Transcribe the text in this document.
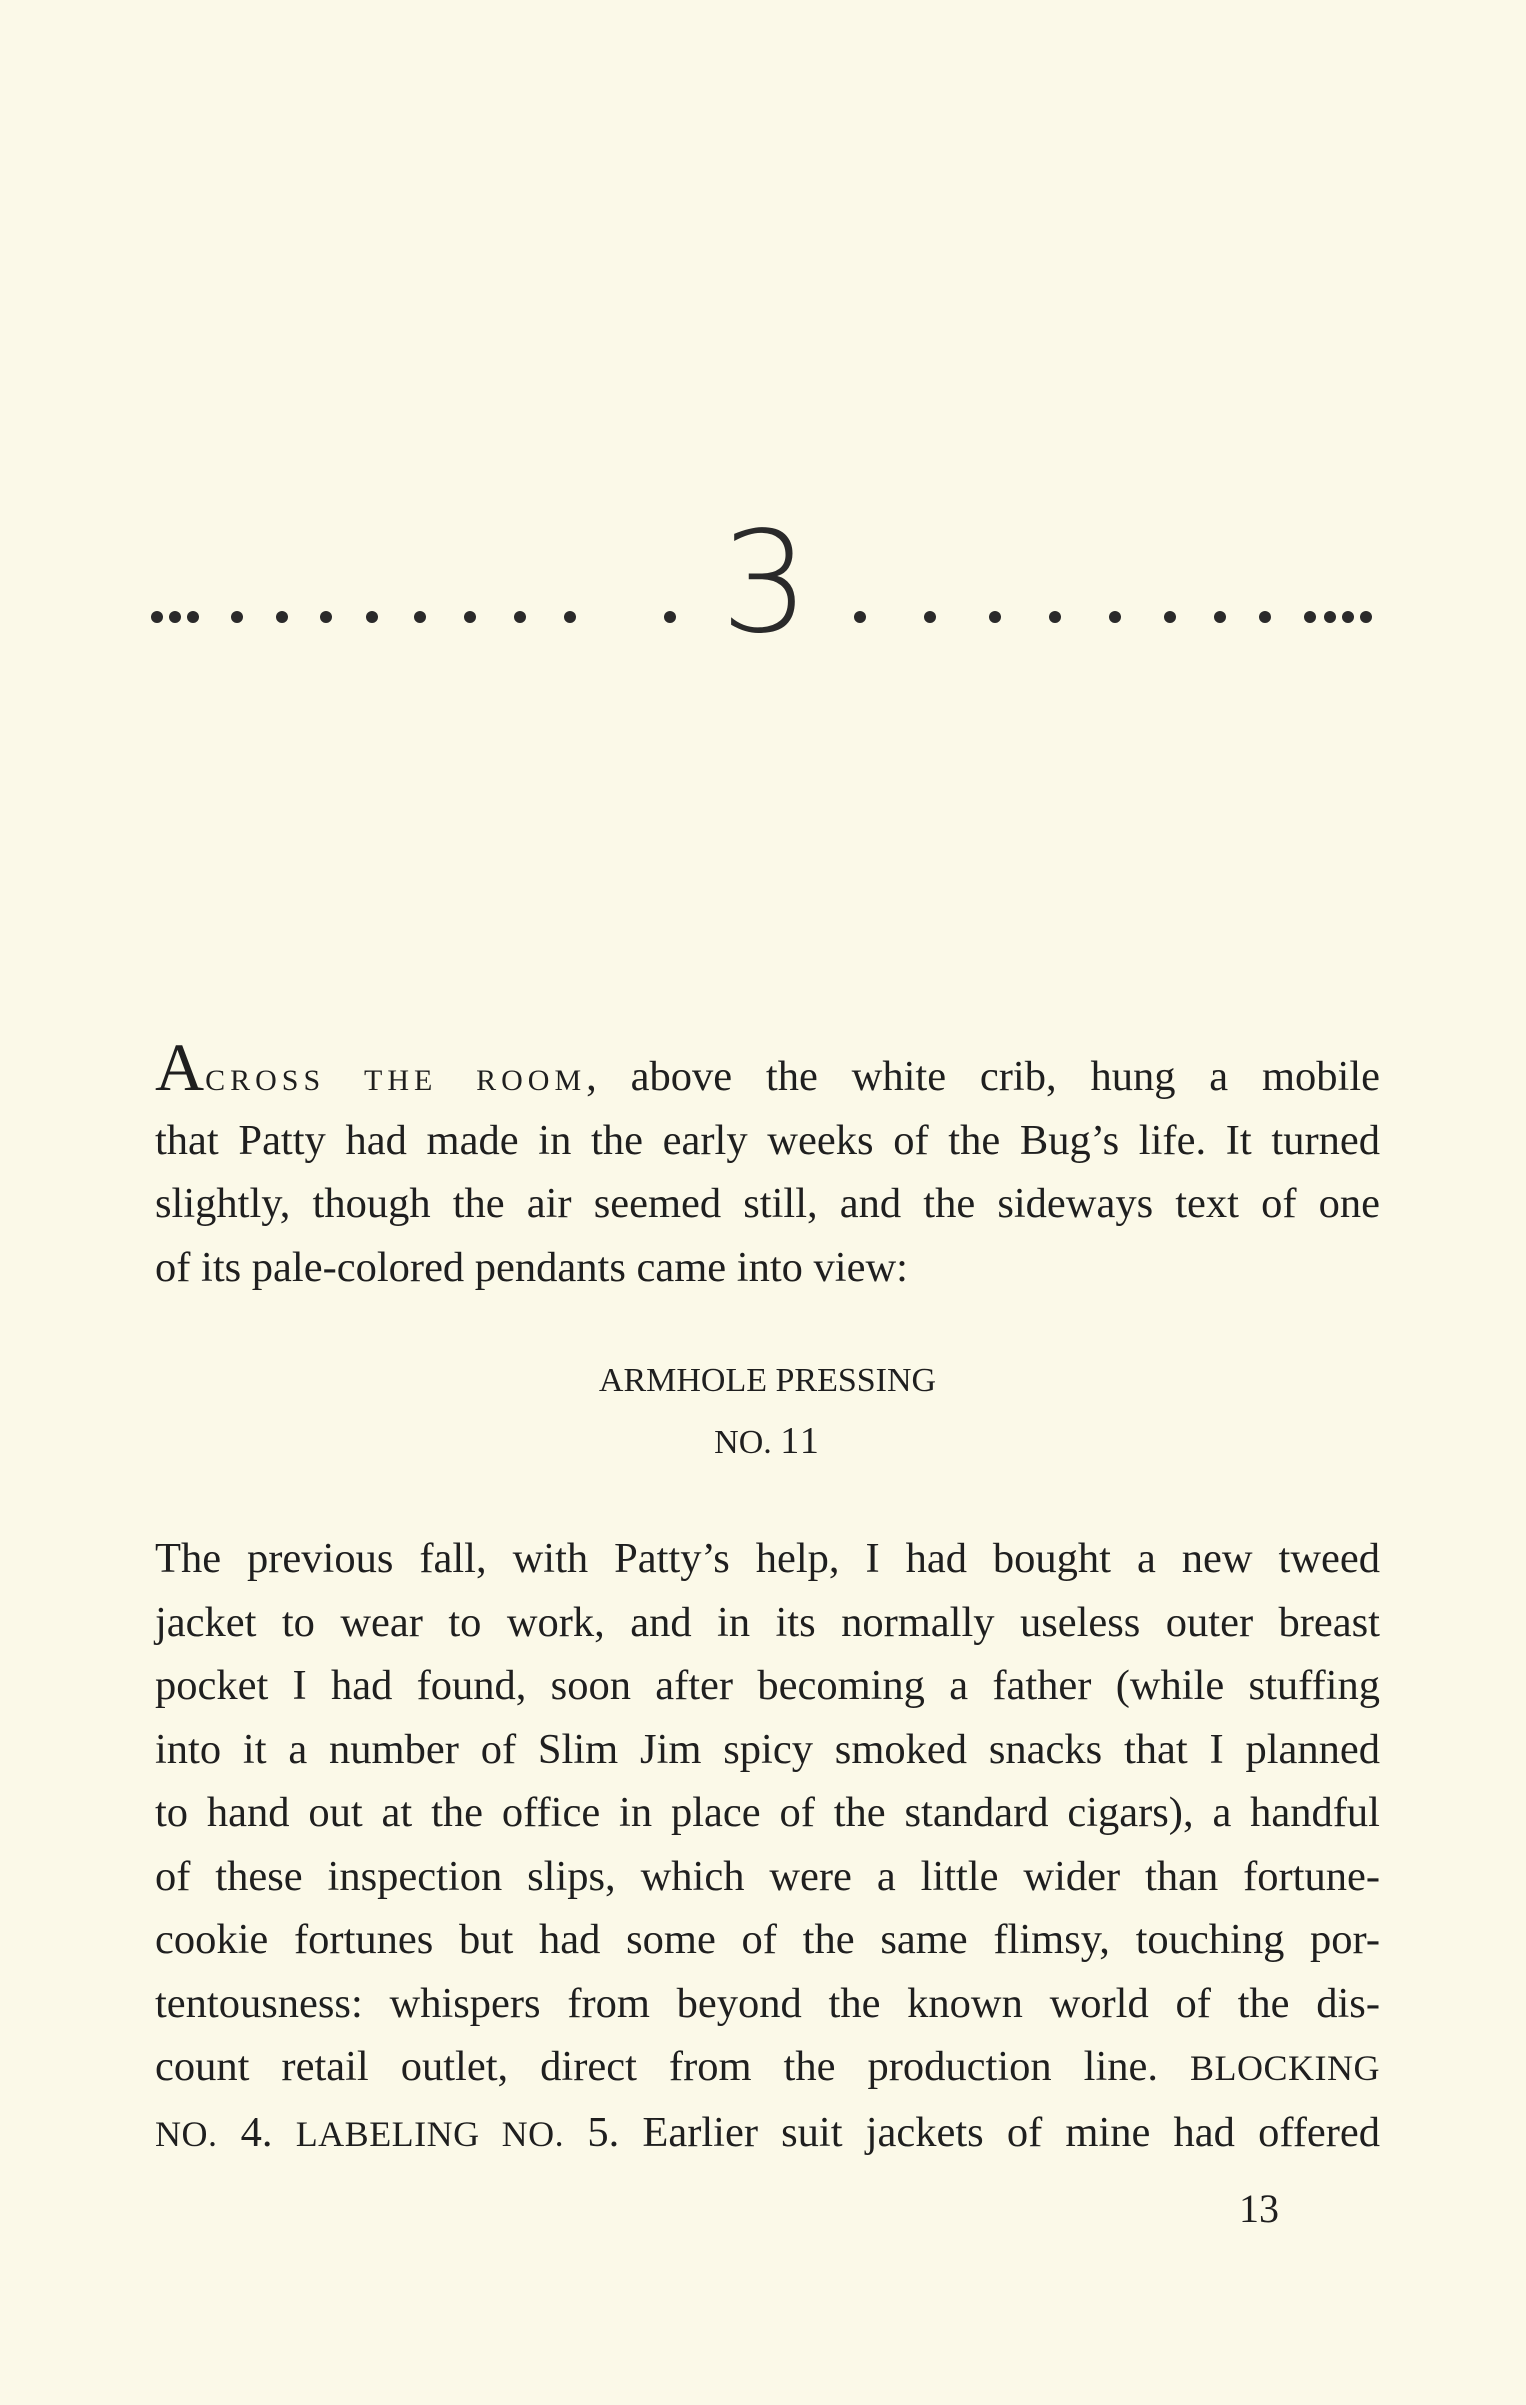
3

Across the room, above the white crib, hung a mobile
that Patty had made in the early weeks of the Bug’s life. It turned
slightly, though the air seemed still, and the sideways text of one
of its pale-colored pendants came into view:

ARMHOLE PRESSING
NO. 11

The previous fall, with Patty’s help, I had bought a new tweed
jacket to wear to work, and in its normally useless outer breast
pocket I had found, soon after becoming a father (while stuffing
into it a number of Slim Jim spicy smoked snacks that I planned
to hand out at the office in place of the standard cigars), a handful
of these inspection slips, which were a little wider than fortune-
cookie fortunes but had some of the same flimsy, touching por-
tentousness: whispers from beyond the known world of the dis-
count retail outlet, direct from the production line. BLOCKING
NO. 4. LABELING NO. 5. Earlier suit jackets of mine had offered

13
